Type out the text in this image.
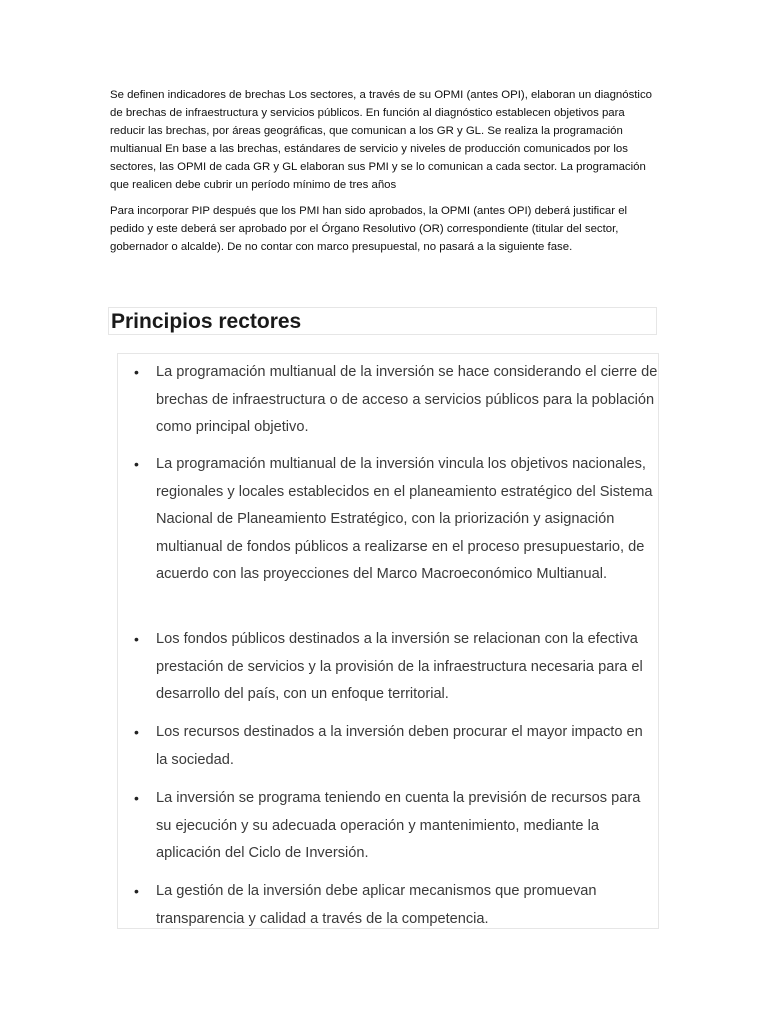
Se definen indicadores de brechas Los sectores, a través de su OPMI (antes OPI), elaboran un diagnóstico de brechas de infraestructura y servicios públicos. En función al diagnóstico establecen objetivos para reducir las brechas, por áreas geográficas, que comunican a los GR y GL. Se realiza la programación multianual En base a las brechas, estándares de servicio y niveles de producción comunicados por los sectores, las OPMI de cada GR y GL elaboran sus PMI y se lo comunican a cada sector. La programación que realicen debe cubrir un período mínimo de tres años

Para incorporar PIP después que los PMI han sido aprobados, la OPMI (antes OPI) deberá justificar el pedido y este deberá ser aprobado por el Órgano Resolutivo (OR) correspondiente (titular del sector, gobernador o alcalde). De no contar con marco presupuestal, no pasará a la siguiente fase.

Principios rectores
•	La programación multianual de la inversión se hace considerando el cierre de brechas de infraestructura o de acceso a servicios públicos para la población como principal objetivo.
•	La programación multianual de la inversión vincula los objetivos nacionales, regionales y locales establecidos en el planeamiento estratégico del Sistema Nacional de Planeamiento Estratégico, con la priorización y asignación multianual de fondos públicos a realizarse en el proceso presupuestario, de acuerdo con las proyecciones del Marco Macroeconómico Multianual.
•	Los fondos públicos destinados a la inversión se relacionan con la efectiva prestación de servicios y la provisión de la infraestructura necesaria para el desarrollo del país, con un enfoque territorial.
•	Los recursos destinados a la inversión deben procurar el mayor impacto en la sociedad.
•	La inversión se programa teniendo en cuenta la previsión de recursos para su ejecución y su adecuada operación y mantenimiento, mediante la aplicación del Ciclo de Inversión.
•	La gestión de la inversión debe aplicar mecanismos que promuevan transparencia y calidad a través de la competencia.
